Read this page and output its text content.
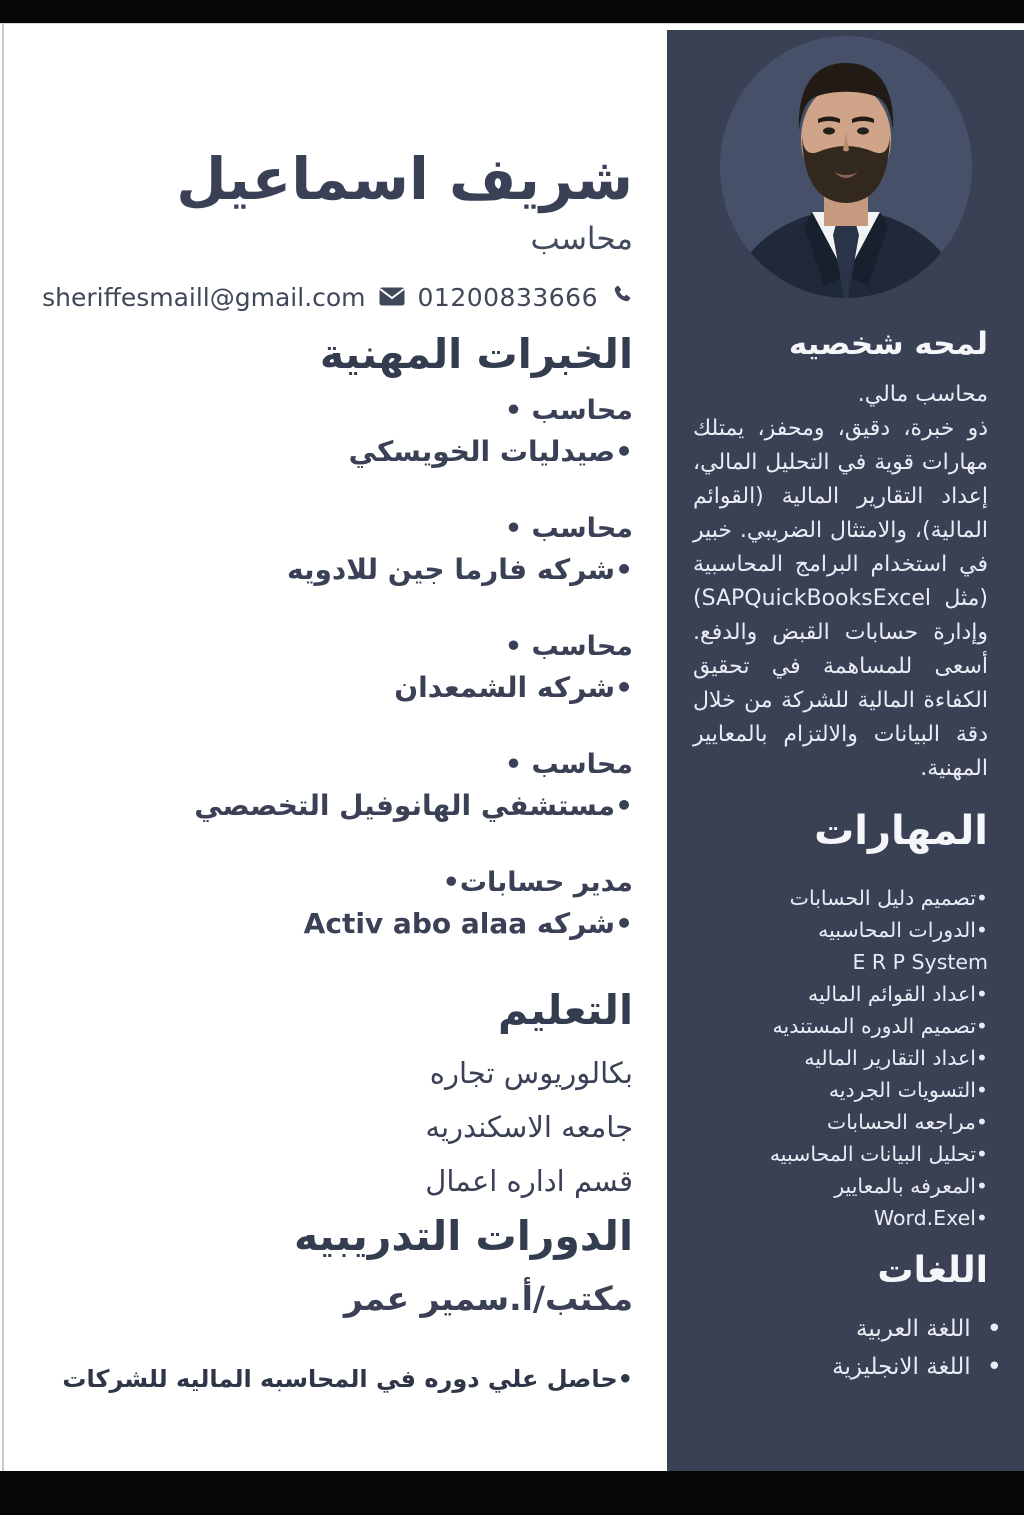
شريف اسماعيل
محاسب
sheriffesmaill@gmail.com 01200833666
الخبرات المهنية
محاسب •
•صيدليات الخويسكي
محاسب •
•شركه فارما جين للادويه
محاسب •
•شركه الشمعدان
محاسب •
•مستشفي الهانوفيل التخصصي
مدير حسابات•
•شركه Activ abo alaa
التعليم
بكالوريوس تجاره
جامعه الاسكندريه
قسم اداره اعمال
الدورات التدريبيه
مكتب/أ.سمير عمر
•حاصل علي دوره في المحاسبه الماليه للشركات
لمحه شخصيه
محاسب مالي.
ذو خبرة، دقيق، ومحفز، يمتلك مهارات قوية في التحليل المالي، إعداد التقارير المالية (القوائم المالية)، والامتثال الضريبي. خبير في استخدام البرامج المحاسبية (مثل SAPQuickBooksExcel) وإدارة حسابات القبض والدفع. أسعى للمساهمة في تحقيق الكفاءة المالية للشركة من خلال دقة البيانات والالتزام بالمعايير المهنية.
المهارات
•تصميم دليل الحسابات
•الدورات المحاسبيه
E R P System
•اعداد القوائم الماليه
•تصميم الدوره المستنديه
•اعداد التقارير الماليه
•التسويات الجرديه
•مراجعه الحسابات
•تحليل البيانات المحاسبيه
•المعرفه بالمعايير
•Word.Exel
اللغات
•
اللغة العربية
•
اللغة الانجليزية
